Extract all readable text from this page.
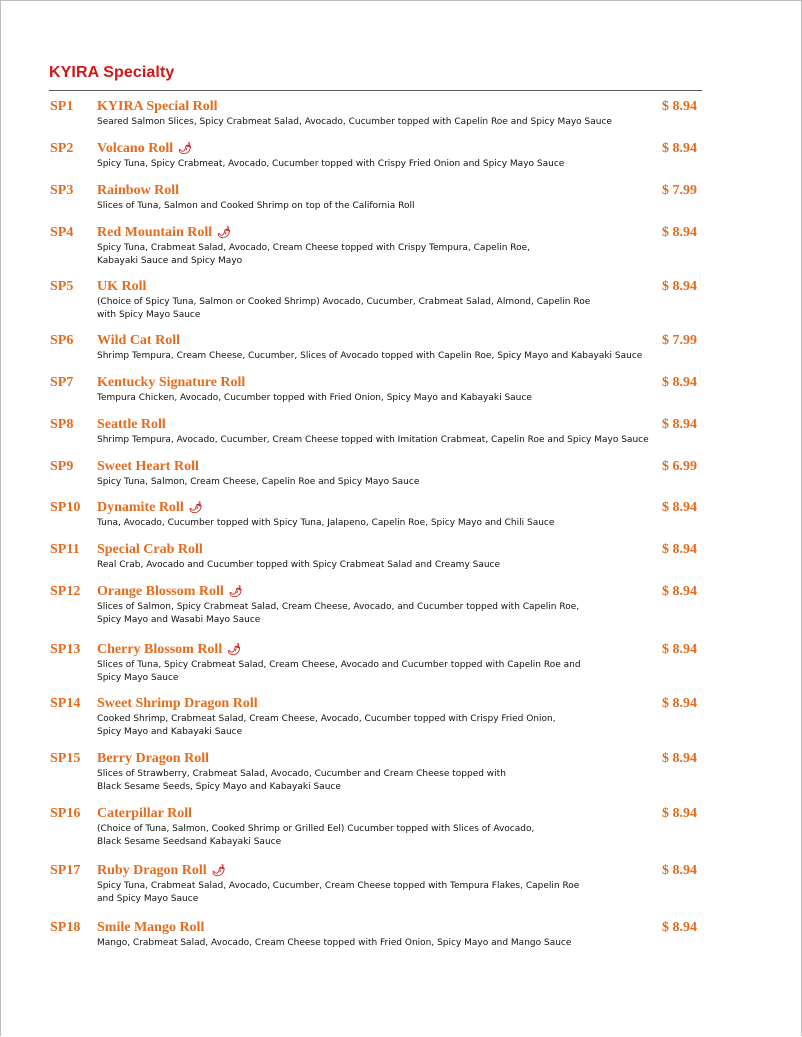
KYIRA Specialty
SP1 KYIRA Special Roll	$ 8.94
Seared Salmon Slices, Spicy Crabmeat Salad, Avocado, Cucumber topped with Capelin Roe and Spicy Mayo Sauce
SP2 Volcano Roll 🌶	$ 8.94
Spicy Tuna, Spicy Crabmeat, Avocado, Cucumber topped with Crispy Fried Onion and Spicy Mayo Sauce
SP3 Rainbow Roll	$ 7.99
Slices of Tuna, Salmon and Cooked Shrimp on top of the California Roll
SP4 Red Mountain Roll 🌶	$ 8.94
Spicy Tuna, Crabmeat Salad, Avocado, Cream Cheese topped with Crispy Tempura, Capelin Roe,
Kabayaki Sauce and Spicy Mayo
SP5 UK Roll	$ 8.94
(Choice of Spicy Tuna, Salmon or Cooked Shrimp) Avocado, Cucumber, Crabmeat Salad, Almond, Capelin Roe
with Spicy Mayo Sauce
SP6 Wild Cat Roll	$ 7.99
Shrimp Tempura, Cream Cheese, Cucumber, Slices of Avocado topped with Capelin Roe, Spicy Mayo and Kabayaki Sauce
SP7 Kentucky Signature Roll	$ 8.94
Tempura Chicken, Avocado, Cucumber topped with Fried Onion, Spicy Mayo and Kabayaki Sauce
SP8 Seattle Roll	$ 8.94
Shrimp Tempura, Avocado, Cucumber, Cream Cheese topped with Imitation Crabmeat, Capelin Roe and Spicy Mayo Sauce
SP9 Sweet Heart Roll	$ 6.99
Spicy Tuna, Salmon, Cream Cheese, Capelin Roe and Spicy Mayo Sauce
SP10 Dynamite Roll 🌶	$ 8.94
Tuna, Avocado, Cucumber topped with Spicy Tuna, Jalapeno, Capelin Roe, Spicy Mayo and Chili Sauce
SP11 Special Crab Roll	$ 8.94
Real Crab, Avocado and Cucumber topped with Spicy Crabmeat Salad and Creamy Sauce
SP12 Orange Blossom Roll 🌶	$ 8.94
Slices of Salmon, Spicy Crabmeat Salad, Cream Cheese, Avocado, and Cucumber topped with Capelin Roe,
Spicy Mayo and Wasabi Mayo Sauce
SP13 Cherry Blossom Roll 🌶	$ 8.94
Slices of Tuna, Spicy Crabmeat Salad, Cream Cheese, Avocado and Cucumber topped with Capelin Roe and
Spicy Mayo Sauce
SP14 Sweet Shrimp Dragon Roll	$ 8.94
Cooked Shrimp, Crabmeat Salad, Cream Cheese, Avocado, Cucumber topped with Crispy Fried Onion,
Spicy Mayo and Kabayaki Sauce
SP15 Berry Dragon Roll	$ 8.94
Slices of Strawberry, Crabmeat Salad, Avocado, Cucumber and Cream Cheese topped with
Black Sesame Seeds, Spicy Mayo and Kabayaki Sauce
SP16 Caterpillar Roll	$ 8.94
(Choice of Tuna, Salmon, Cooked Shrimp or Grilled Eel) Cucumber topped with Slices of Avocado,
Black Sesame Seedsand Kabayaki Sauce
SP17 Ruby Dragon Roll 🌶	$ 8.94
Spicy Tuna, Crabmeat Salad, Avocado, Cucumber, Cream Cheese topped with Tempura Flakes, Capelin Roe
and Spicy Mayo Sauce
SP18 Smile Mango Roll	$ 8.94
Mango, Crabmeat Salad, Avocado, Cream Cheese topped with Fried Onion, Spicy Mayo and Mango Sauce
